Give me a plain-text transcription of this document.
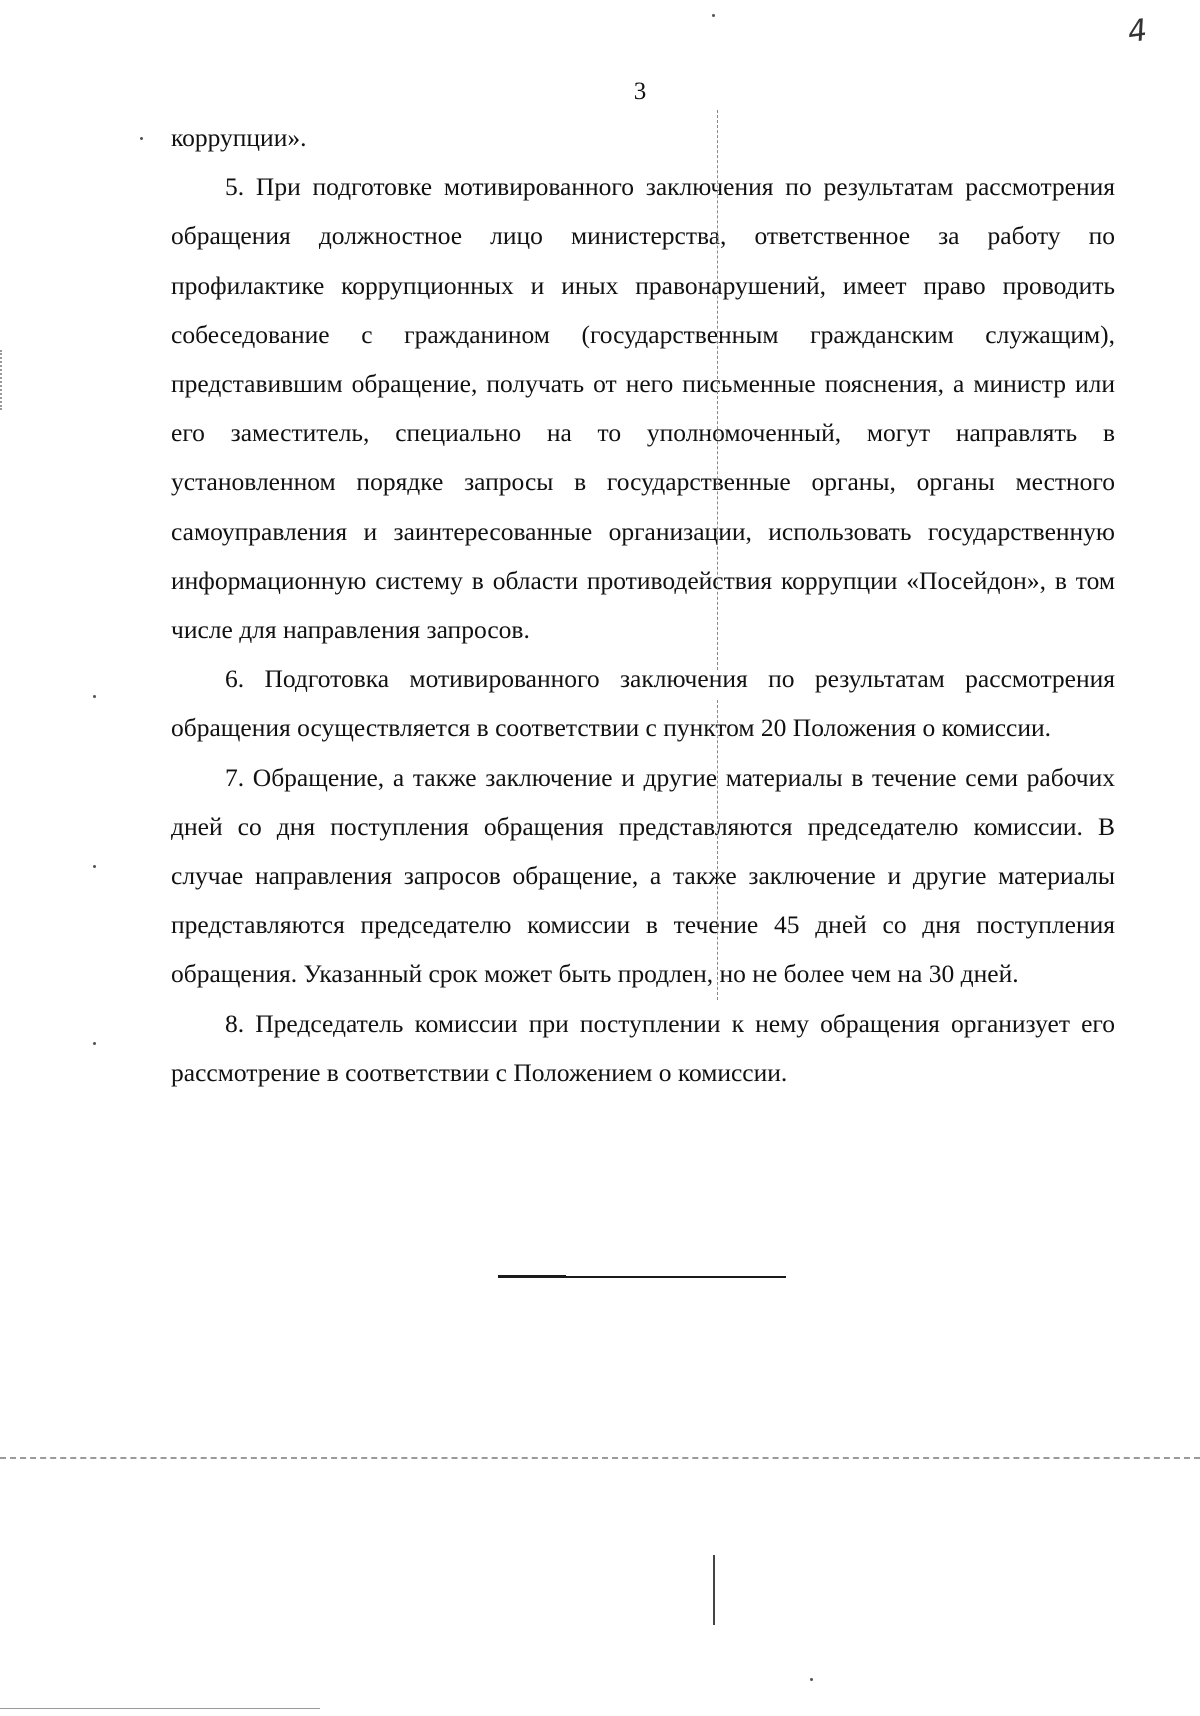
4
3

коррупции».

5. При подготовке мотивированного заключения по результатам рассмотрения обращения должностное лицо министерства, ответственное за работу по профилактике коррупционных и иных правонарушений, имеет право проводить собеседование с гражданином (государственным гражданским служащим), представившим обращение, получать от него письменные пояснения, а министр или его заместитель, специально на то уполномоченный, могут направлять в установленном порядке запросы в государственные органы, органы местного самоуправления и заинтересованные организации, использовать государственную информационную систему в области противодействия коррупции «Посейдон», в том числе для направления запросов.

6. Подготовка мотивированного заключения по результатам рассмотрения обращения осуществляется в соответствии с пунктом 20 Положения о комиссии.

7. Обращение, а также заключение и другие материалы в течение семи рабочих дней со дня поступления обращения представляются председателю комиссии. В случае направления запросов обращение, а также заключение и другие материалы представляются председателю комиссии в течение 45 дней со дня поступления обращения. Указанный срок может быть продлен, но не более чем на 30 дней.

8. Председатель комиссии при поступлении к нему обращения организует его рассмотрение в соответствии с Положением о комиссии.
